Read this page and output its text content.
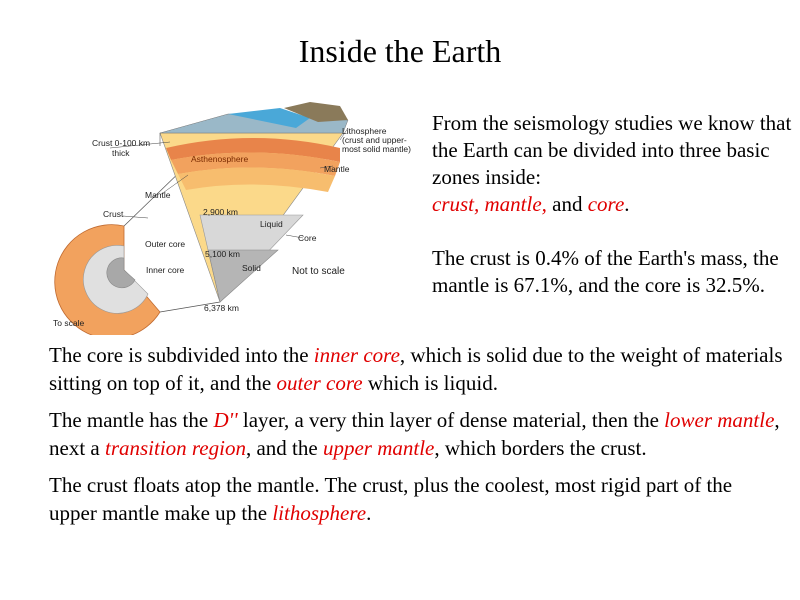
Inside the Earth
Crust 0-100 km
thick
Lithosphere
(crust and upper-
most solid mantle)
Asthenosphere
Mantle
Mantle
Crust	2,900 km
Liquid
Outer core
Core
5,100 km
Inner core	Solid	Not to scale
6,378 km
To scale

From the seismology studies we know that the Earth can be divided into three basic zones inside:
crust, mantle, and core.

The crust is 0.4% of the Earth's mass, the mantle is 67.1%, and the core is 32.5%.

The core is subdivided into the inner core, which is solid due to the weight of materials sitting on top of it, and the outer core which is liquid.

The mantle has the D'' layer, a very thin layer of dense material, then the lower mantle, next a transition region, and the upper mantle, which borders the crust.

The crust floats atop the mantle. The crust, plus the coolest, most rigid part of the upper mantle make up the lithosphere.
